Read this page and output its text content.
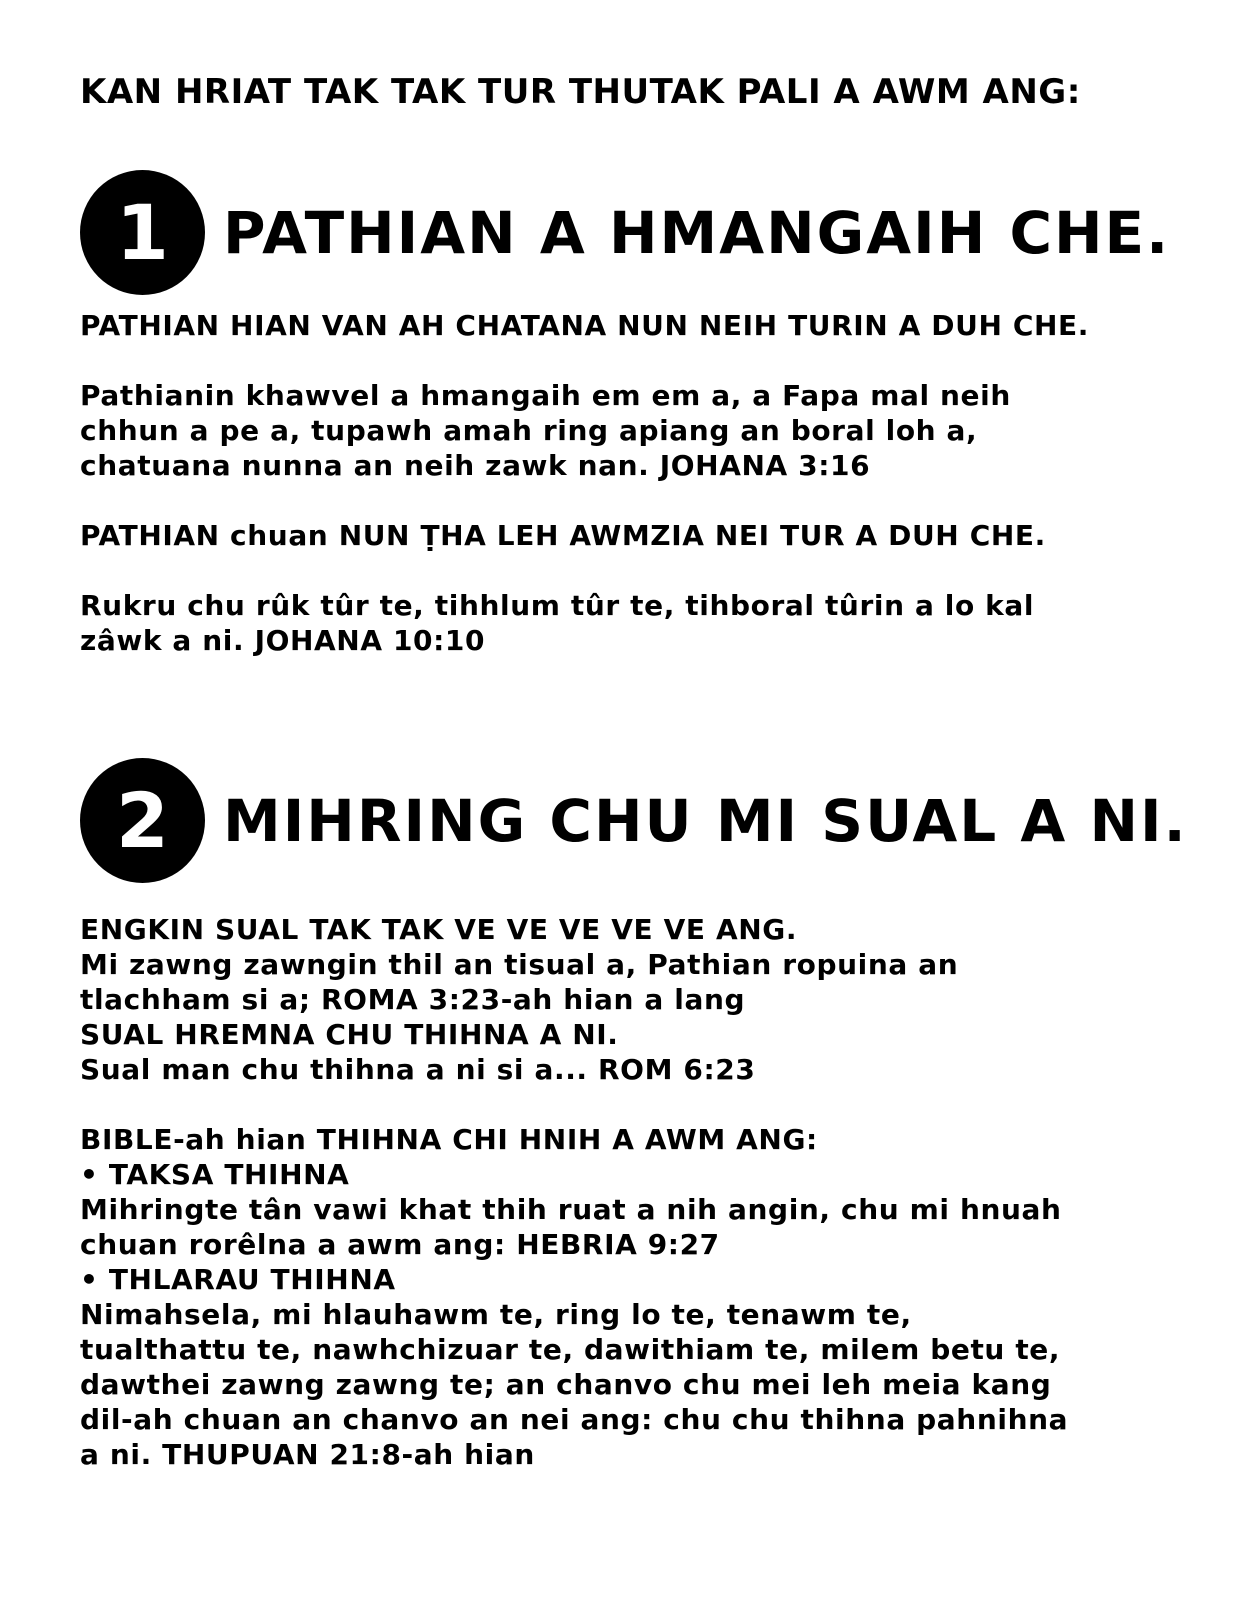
KAN HRIAT TAK TAK TUR THUTAK PALI A AWM ANG:
1 PATHIAN A HMANGAIH CHE.
PATHIAN HIAN VAN AH CHATANA NUN NEIH TURIN A DUH CHE.
Pathianin khawvel a hmangaih em em a, a Fapa mal neih
chhun a pe a, tupawh amah ring apiang an boral loh a,
chatuana nunna an neih zawk nan. JOHANA 3:16
PATHIAN chuan NUN ṬHA LEH AWMZIA NEI TUR A DUH CHE.
Rukru chu rûk tûr te, tihhlum tûr te, tihboral tûrin a lo kal
zâwk a ni. JOHANA 10:10
2 MIHRING CHU MI SUAL A NI.
ENGKIN SUAL TAK TAK VE VE VE VE VE ANG.
Mi zawng zawngin thil an tisual a, Pathian ropuina an
tlachham si a; ROMA 3:23-ah hian a lang
SUAL HREMNA CHU THIHNA A NI.
Sual man chu thihna a ni si a... ROM 6:23
BIBLE-ah hian THIHNA CHI HNIH A AWM ANG:
• TAKSA THIHNA
Mihringte tân vawi khat thih ruat a nih angin, chu mi hnuah
chuan rorêlna a awm ang: HEBRIA 9:27
• THLARAU THIHNA
Nimahsela, mi hlauhawm te, ring lo te, tenawm te,
tualthattu te, nawhchizuar te, dawithiam te, milem betu te,
dawthei zawng zawng te; an chanvo chu mei leh meia kang
dil-ah chuan an chanvo an nei ang: chu chu thihna pahnihna
a ni. THUPUAN 21:8-ah hian
